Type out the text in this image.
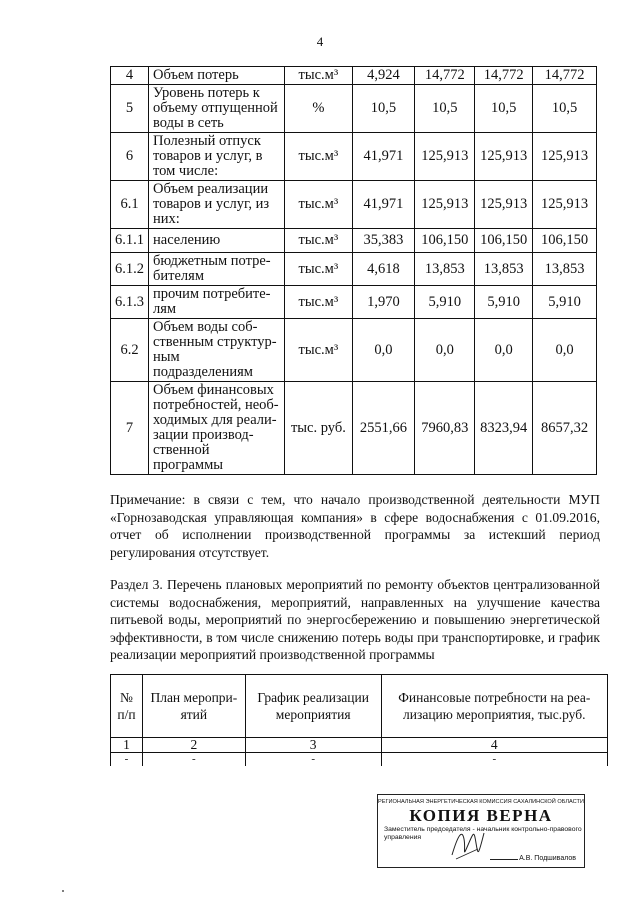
4
4	Объем потерь	тыс.м³	4,924	14,772	14,772	14,772
5	Уровень потерь к объему отпущенной воды в сеть	%	10,5	10,5	10,5	10,5
6	Полезный отпуск товаров и услуг, в том числе:	тыс.м³	41,971	125,913	125,913	125,913
6.1	Объем реализации товаров и услуг, из них:	тыс.м³	41,971	125,913	125,913	125,913
6.1.1	населению	тыс.м³	35,383	106,150	106,150	106,150
6.1.2	бюджетным потре-бителям	тыс.м³	4,618	13,853	13,853	13,853
6.1.3	прочим потребите-лям	тыс.м³	1,970	5,910	5,910	5,910
6.2	Объем воды соб-ственным структур-ным подразделениям	тыс.м³	0,0	0,0	0,0	0,0
7	Объем финансовых потребностей, необ-ходимых для реали-зации производ-ственной программы	тыс. руб.	2551,66	7960,83	8323,94	8657,32
Примечание: в связи с тем, что начало производственной деятельности МУП «Горнозаводская управляющая компания» в сфере водоснабжения с 01.09.2016, отчет об исполнении производственной программы за истекший период регулирования отсутствует.
Раздел 3. Перечень плановых мероприятий по ремонту объектов централизованной системы водоснабжения, мероприятий, направленных на улучшение качества питьевой воды, мероприятий по энергосбережению и повышению энергетической эффективности, в том числе снижению потерь воды при транспортировке, и график реализации мероприятий производственной программы
№ п/п	План меропри-ятий	График реализации мероприятия	Финансовые потребности на реа-лизацию мероприятия, тыс.руб.
1	2	3	4
-	-	-	-
РЕГИОНАЛЬНАЯ ЭНЕРГЕТИЧЕСКАЯ КОМИССИЯ САХАЛИНСКОЙ ОБЛАСТИ
КОПИЯ ВЕРНА
Заместитель председателя - начальник контрольно-правового управления
А.В. Подшивалов
